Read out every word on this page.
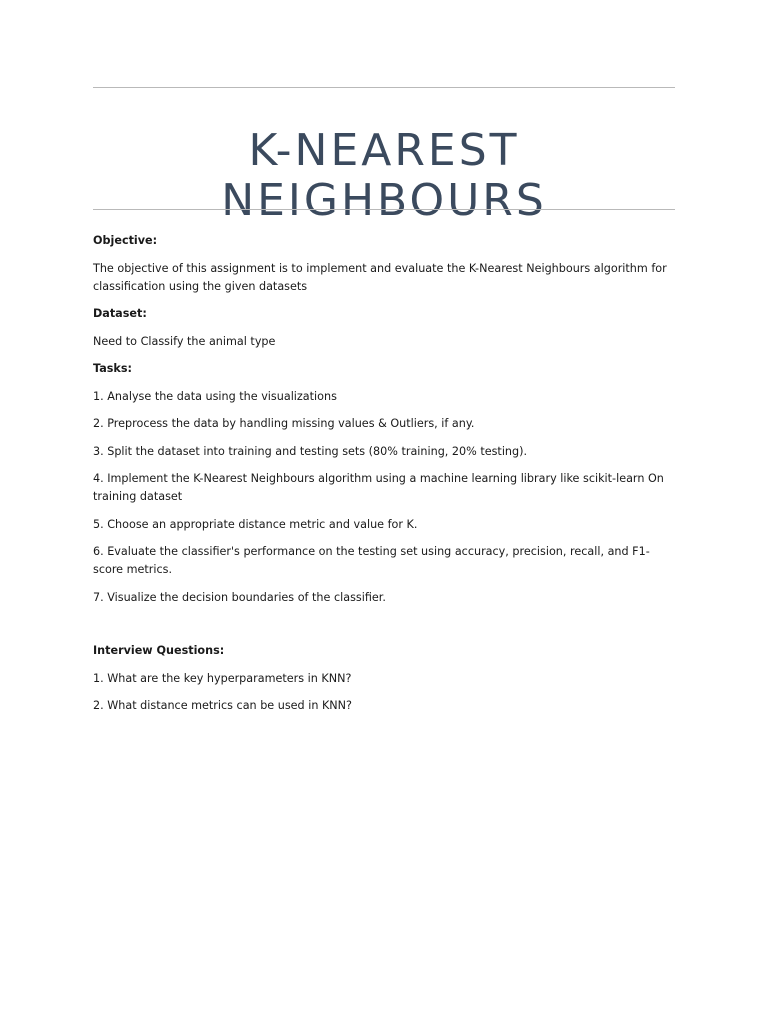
K-NEAREST
NEIGHBOURS

Objective:

The objective of this assignment is to implement and evaluate the K-Nearest Neighbours algorithm for classification using the given datasets

Dataset:

Need to Classify the animal type

Tasks:

1. Analyse the data using the visualizations

2. Preprocess the data by handling missing values & Outliers, if any.

3. Split the dataset into training and testing sets (80% training, 20% testing).

4. Implement the K-Nearest Neighbours algorithm using a machine learning library like scikit-learn On training dataset

5. Choose an appropriate distance metric and value for K.

6. Evaluate the classifier's performance on the testing set using accuracy, precision, recall, and F1-score metrics.

7. Visualize the decision boundaries of the classifier.

Interview Questions:

1. What are the key hyperparameters in KNN?

2. What distance metrics can be used in KNN?
